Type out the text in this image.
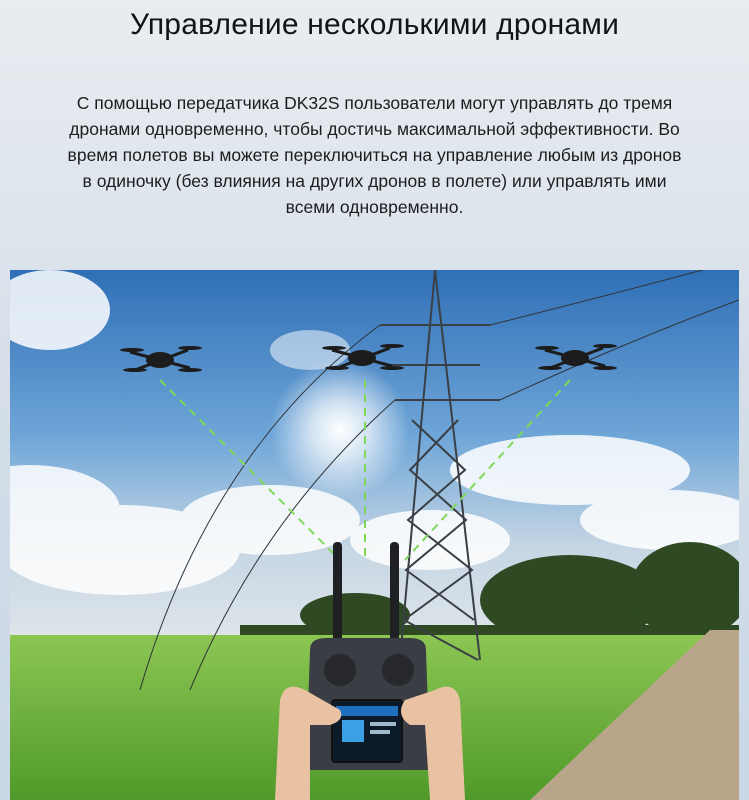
Управление несколькими дронами
С помощью передатчика DK32S пользователи могут управлять до тремя дронами одновременно, чтобы достичь максимальной эффективности. Во время полетов вы можете переключиться на управление любым из дронов в одиночку (без влияния на других дронов в полете) или управлять ими всеми одновременно.
